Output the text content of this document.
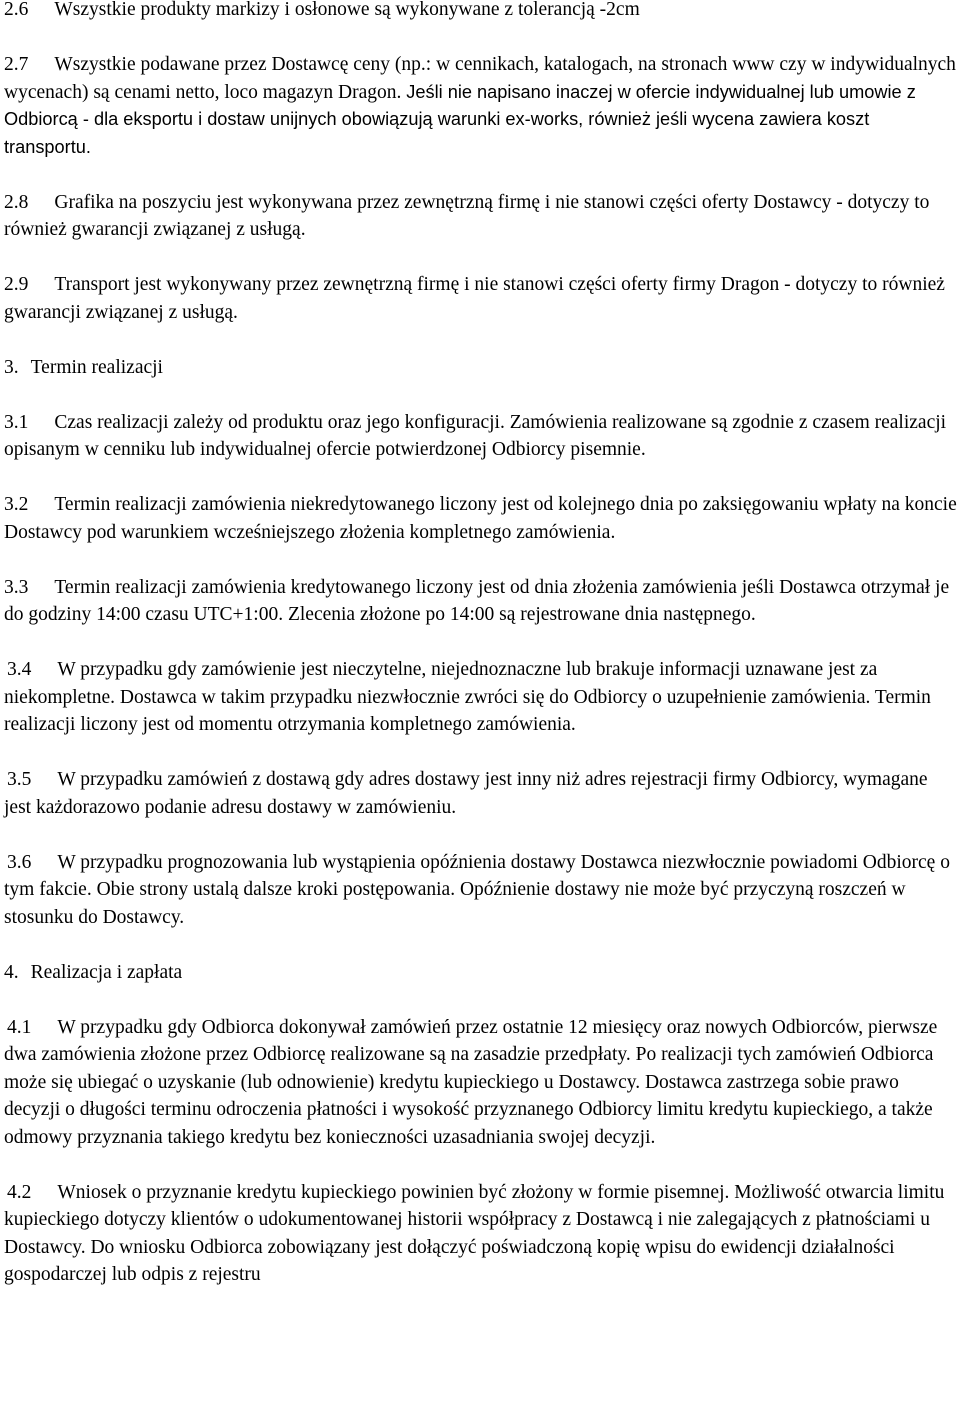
2.6 Wszystkie produkty markizy i osłonowe są wykonywane z tolerancją -2cm

2.7 Wszystkie podawane przez Dostawcę ceny (np.: w cennikach, katalogach, na stronach www czy w indywidualnych wycenach) są cenami netto, loco magazyn Dragon. Jeśli nie napisano inaczej w ofercie indywidualnej lub umowie z Odbiorcą - dla eksportu i dostaw unijnych obowiązują warunki ex-works, również jeśli wycena zawiera koszt transportu.

2.8 Grafika na poszyciu jest wykonywana przez zewnętrzną firmę i nie stanowi części oferty Dostawcy - dotyczy to również gwarancji związanej z usługą.

2.9 Transport jest wykonywany przez zewnętrzną firmę i nie stanowi części oferty firmy Dragon - dotyczy to również gwarancji związanej z usługą.

3. Termin realizacji

3.1 Czas realizacji zależy od produktu oraz jego konfiguracji. Zamówienia realizowane są zgodnie z czasem realizacji opisanym w cenniku lub indywidualnej ofercie potwierdzonej Odbiorcy pisemnie.

3.2 Termin realizacji zamówienia niekredytowanego liczony jest od kolejnego dnia po zaksięgowaniu wpłaty na koncie Dostawcy pod warunkiem wcześniejszego złożenia kompletnego zamówienia.

3.3 Termin realizacji zamówienia kredytowanego liczony jest od dnia złożenia zamówienia jeśli Dostawca otrzymał je do godziny 14:00 czasu UTC+1:00. Zlecenia złożone po 14:00 są rejestrowane dnia następnego.

3.4 W przypadku gdy zamówienie jest nieczytelne, niejednoznaczne lub brakuje informacji uznawane jest za niekompletne. Dostawca w takim przypadku niezwłocznie zwróci się do Odbiorcy o uzupełnienie zamówienia. Termin realizacji liczony jest od momentu otrzymania kompletnego zamówienia.

3.5 W przypadku zamówień z dostawą gdy adres dostawy jest inny niż adres rejestracji firmy Odbiorcy, wymagane jest każdorazowo podanie adresu dostawy w zamówieniu.

3.6 W przypadku prognozowania lub wystąpienia opóźnienia dostawy Dostawca niezwłocznie powiadomi Odbiorcę o tym fakcie. Obie strony ustalą dalsze kroki postępowania. Opóźnienie dostawy nie może być przyczyną roszczeń w stosunku do Dostawcy.

4. Realizacja i zapłata

4.1 W przypadku gdy Odbiorca dokonywał zamówień przez ostatnie 12 miesięcy oraz nowych Odbiorców, pierwsze dwa zamówienia złożone przez Odbiorcę realizowane są na zasadzie przedpłaty. Po realizacji tych zamówień Odbiorca może się ubiegać o uzyskanie (lub odnowienie) kredytu kupieckiego u Dostawcy. Dostawca zastrzega sobie prawo decyzji o długości terminu odroczenia płatności i wysokość przyznanego Odbiorcy limitu kredytu kupieckiego, a także odmowy przyznania takiego kredytu bez konieczności uzasadniania swojej decyzji.

4.2 Wniosek o przyznanie kredytu kupieckiego powinien być złożony w formie pisemnej. Możliwość otwarcia limitu kupieckiego dotyczy klientów o udokumentowanej historii współpracy z Dostawcą i nie zalegających z płatnościami u Dostawcy. Do wniosku Odbiorca zobowiązany jest dołączyć poświadczoną kopię wpisu do ewidencji działalności gospodarczej lub odpis z rejestru
